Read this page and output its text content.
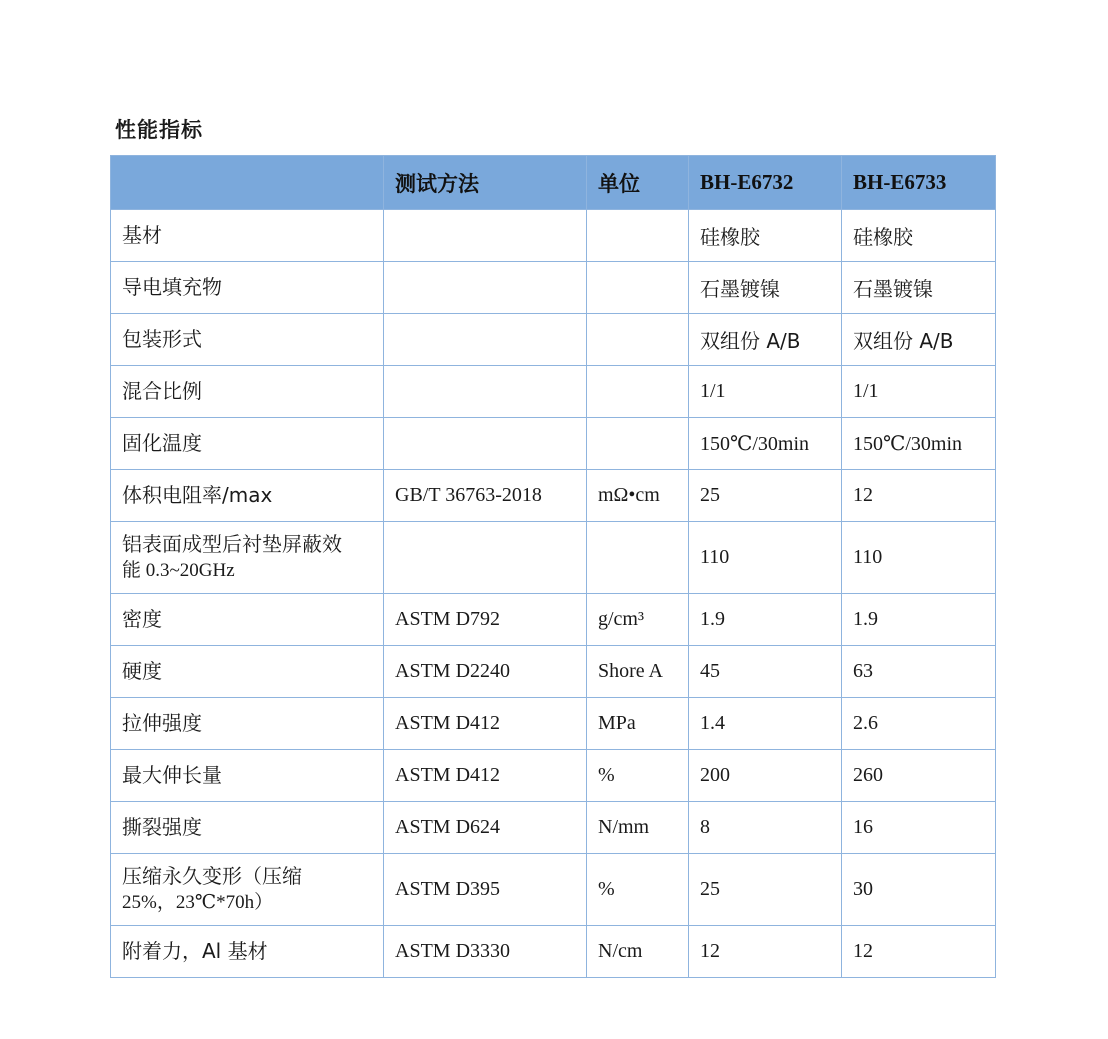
性能指标
	测试方法	单位	BH-E6732	BH-E6733

基材			硅橡胶	硅橡胶

导电填充物			石墨镀镍	石墨镀镍

包装形式			双组份 A/B	双组份 A/B

混合比例			1/1	1/1

固化温度			150℃/30min	150℃/30min

体积电阻率/max	GB/T 36763-2018	mΩ•cm	25	12

铝表面成型后衬垫屏蔽效
能 0.3~20GHz			110	110

密度	ASTM D792	g/cm³	1.9	1.9

硬度	ASTM D2240	Shore A	45	63

拉伸强度	ASTM D412	MPa	1.4	2.6

最大伸长量	ASTM D412	%	200	260

撕裂强度	ASTM D624	N/mm	8	16

压缩永久变形（压缩
25%，23℃*70h）	ASTM D395	%	25	30

附着力，Al 基材	ASTM D3330	N/cm	12	12
